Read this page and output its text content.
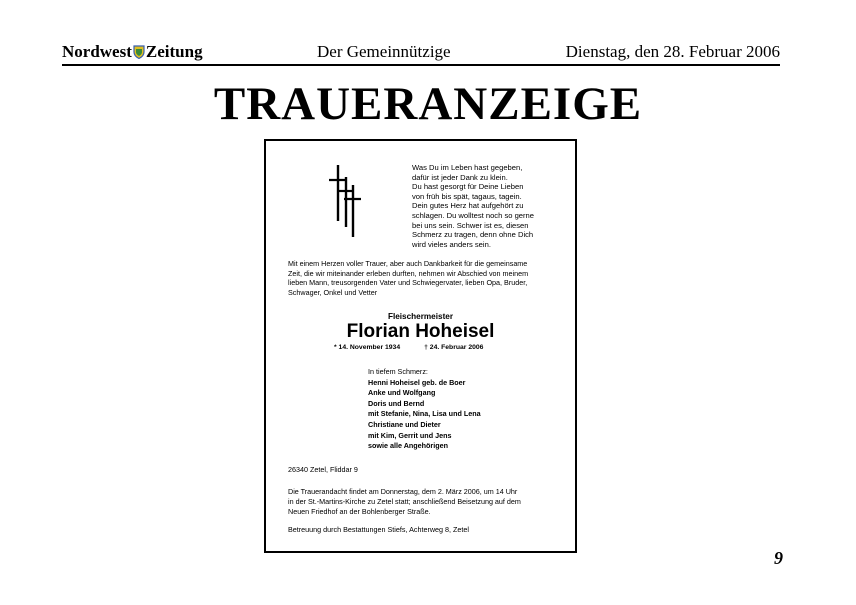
Nordwest Zeitung	Der Gemeinnützige	Dienstag, den 28. Februar 2006
TRAUERANZEIGE
Was Du im Leben hast gegeben,
dafür ist jeder Dank zu klein.
Du hast gesorgt für Deine Lieben
von früh bis spät, tagaus, tagein.
Dein gutes Herz hat aufgehört zu
schlagen. Du wolltest noch so gerne
bei uns sein. Schwer ist es, diesen
Schmerz zu tragen, denn ohne Dich
wird vieles anders sein.
Mit einem Herzen voller Trauer, aber auch Dankbarkeit für die gemeinsame
Zeit, die wir miteinander erleben durften, nehmen wir Abschied von meinem
lieben Mann, treusorgenden Vater und Schwiegervater, lieben Opa, Bruder,
Schwager, Onkel und Vetter
Fleischermeister
Florian Hoheisel
* 14. November 1934	† 24. Februar 2006
In tiefem Schmerz:
Henni Hoheisel geb. de Boer
Anke und Wolfgang
Doris und Bernd
mit Stefanie, Nina, Lisa und Lena
Christiane und Dieter
mit Kim, Gerrit und Jens
sowie alle Angehörigen
26340 Zetel, Fliddar 9
Die Trauerandacht findet am Donnerstag, dem 2. März 2006, um 14 Uhr
in der St.-Martins-Kirche zu Zetel statt; anschließend Beisetzung auf dem
Neuen Friedhof an der Bohlenberger Straße.
Betreuung durch Bestattungen Stiefs, Achterweg 8, Zetel
9
